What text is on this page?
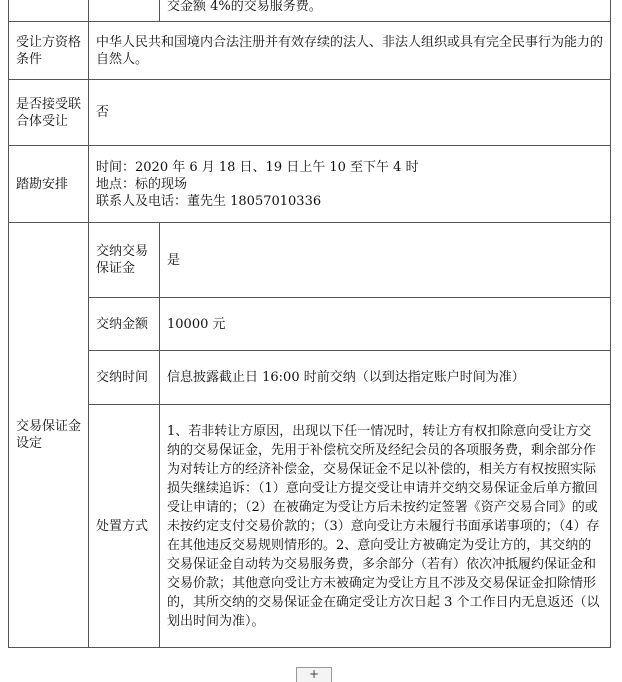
		交金额 4%的交易服务费。
受让方资格条件	中华人民共和国境内合法注册并有效存续的法人、非法人组织或具有完全民事行为能力的自然人。	
是否接受联合体受让	否	
踏勘安排	时间：2020 年 6 月 18 日、19 日上午 10 至下午 4 时
地点：标的现场
联系人及电话：董先生 18057010336	

交易保证金设定	交纳交易保证金	是
	交纳金额	10000 元
	交纳时间	信息披露截止日 16:00 时前交纳（以到达指定账户时间为准）
	处置方式	1、若非转让方原因，出现以下任一情况时，转让方有权扣除意向受让方交纳的交易保证金，先用于补偿杭交所及经纪会员的各项服务费，剩余部分作为对转让方的经济补偿金，交易保证金不足以补偿的，相关方有权按照实际损失继续追诉：（1）意向受让方提交受让申请并交纳交易保证金后单方撤回受让申请的；（2）在被确定为受让方后未按约定签署《资产交易合同》的或未按约定支付交易价款的；（3）意向受让方未履行书面承诺事项的；（4）存在其他违反交易规则情形的。2、意向受让方被确定为受让方的，其交纳的交易保证金自动转为交易服务费，多余部分（若有）依次冲抵履约保证金和交易价款；其他意向受让方未被确定为受让方且不涉及交易保证金扣除情形的，其所交纳的交易保证金在确定受让方次日起 3 个工作日内无息返还（以划出时间为准）。
+
